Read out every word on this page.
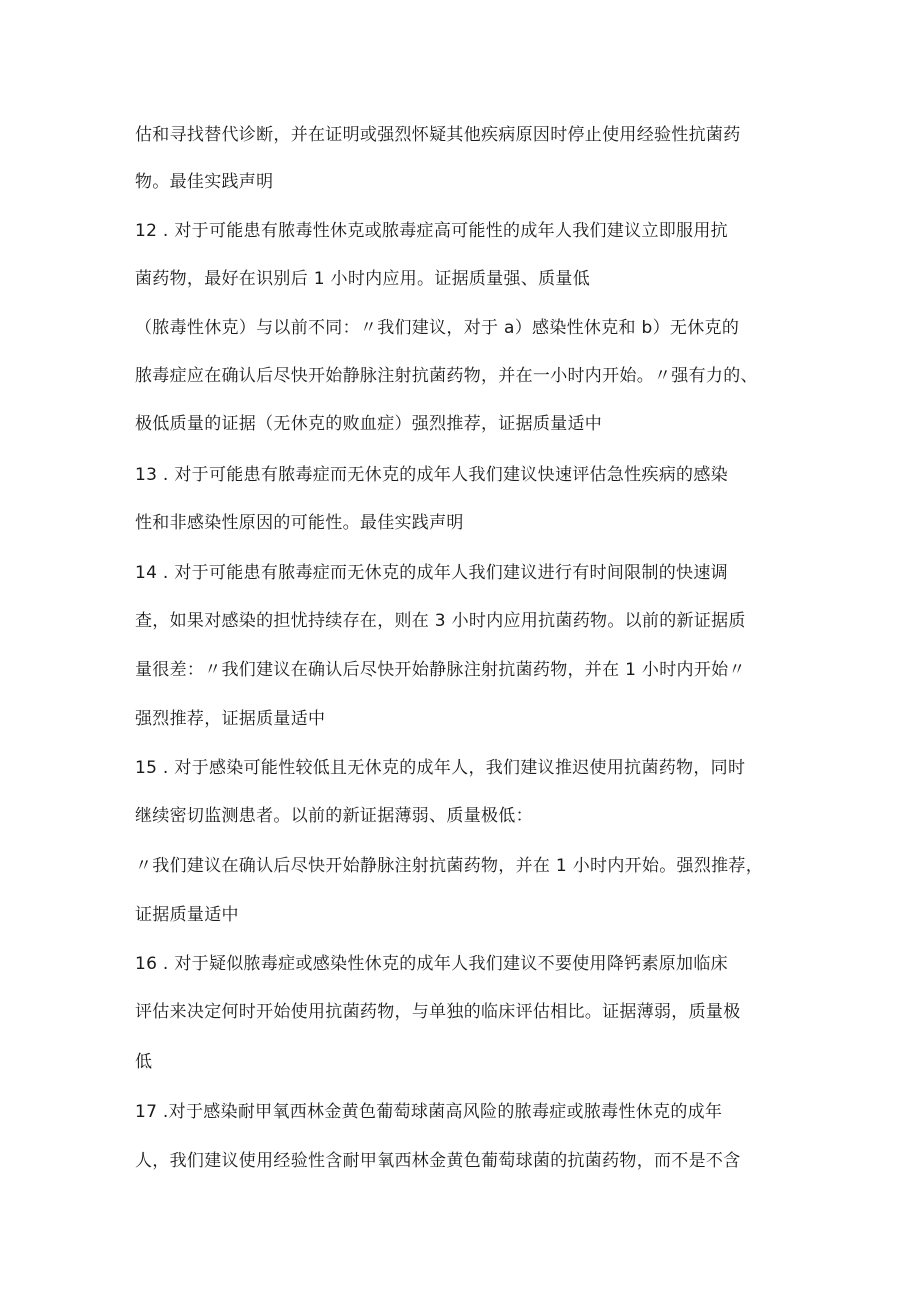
估和寻找替代诊断，并在证明或强烈怀疑其他疾病原因时停止使用经验性抗菌药
物。最佳实践声明
12 . 对于可能患有脓毒性休克或脓毒症高可能性的成年人我们建议立即服用抗
菌药物，最好在识别后 1 小时内应用。证据质量强、质量低
（脓毒性休克）与以前不同：〃我们建议，对于 a）感染性休克和 b）无休克的
脓毒症应在确认后尽快开始静脉注射抗菌药物，并在一小时内开始。〃强有力的、
极低质量的证据（无休克的败血症）强烈推荐，证据质量适中
13 . 对于可能患有脓毒症而无休克的成年人我们建议快速评估急性疾病的感染
性和非感染性原因的可能性。最佳实践声明
14 . 对于可能患有脓毒症而无休克的成年人我们建议进行有时间限制的快速调
查，如果对感染的担忧持续存在，则在 3 小时内应用抗菌药物。以前的新证据质
量很差：〃我们建议在确认后尽快开始静脉注射抗菌药物，并在 1 小时内开始〃
强烈推荐，证据质量适中
15 . 对于感染可能性较低且无休克的成年人，我们建议推迟使用抗菌药物，同时
继续密切监测患者。以前的新证据薄弱、质量极低：
〃我们建议在确认后尽快开始静脉注射抗菌药物，并在 1 小时内开始。强烈推荐，
证据质量适中
16 . 对于疑似脓毒症或感染性休克的成年人我们建议不要使用降钙素原加临床
评估来决定何时开始使用抗菌药物，与单独的临床评估相比。证据薄弱，质量极
低
17 .对于感染耐甲氧西林金黄色葡萄球菌高风险的脓毒症或脓毒性休克的成年
人，我们建议使用经验性含耐甲氧西林金黄色葡萄球菌的抗菌药物，而不是不含
